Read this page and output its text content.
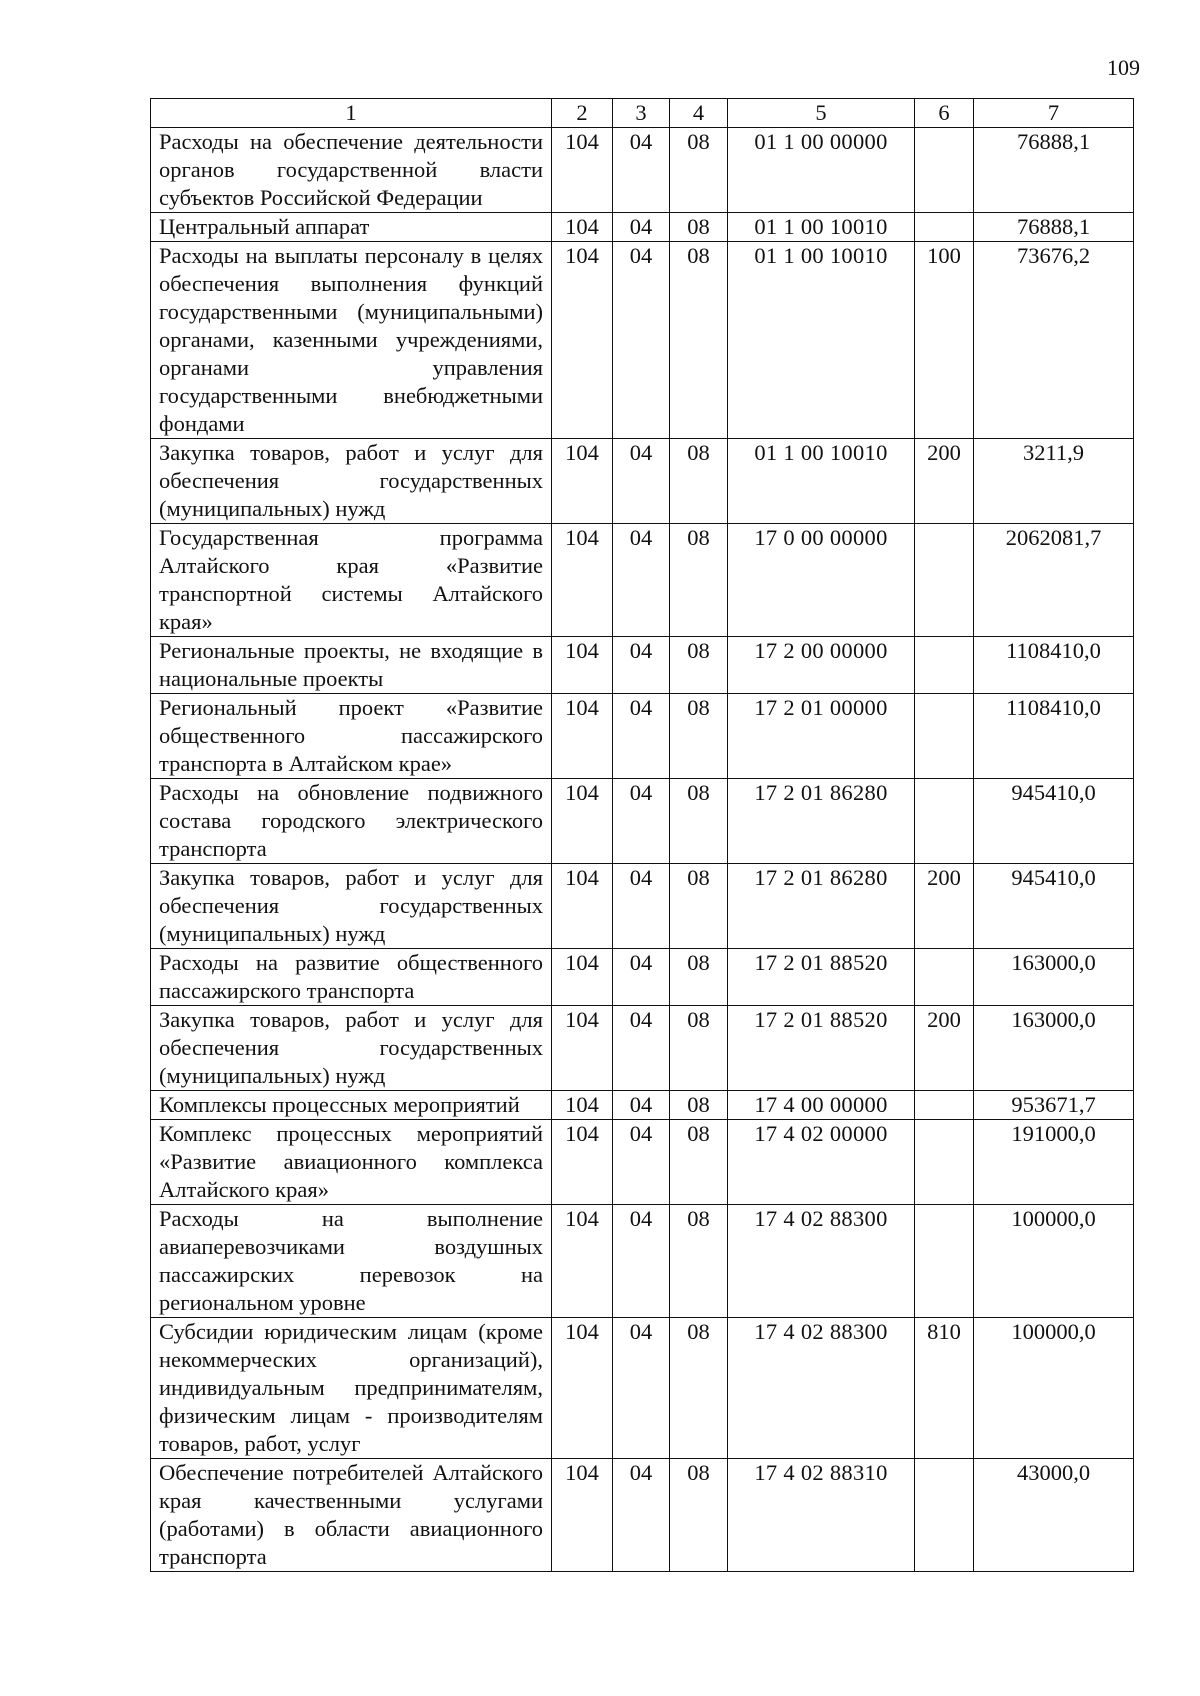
109
1	2	3	4	5	6	7
Расходы на обеспечение деятельности органов государственной власти субъектов Российской Федерации	104	04	08	01 1 00 00000		76888,1
Центральный аппарат	104	04	08	01 1 00 10010		76888,1
Расходы на выплаты персоналу в целях обеспечения выполнения функций государственными (муниципальными) органами, казенными учреждениями, органами управления государственными внебюджетными фондами	104	04	08	01 1 00 10010	100	73676,2
Закупка товаров, работ и услуг для обеспечения государственных (муниципальных) нужд	104	04	08	01 1 00 10010	200	3211,9
Государственная программа Алтайского края «Развитие транспортной системы Алтайского края»	104	04	08	17 0 00 00000		2062081,7
Региональные проекты, не входящие в национальные проекты	104	04	08	17 2 00 00000		1108410,0
Региональный проект «Развитие общественного пассажирского транспорта в Алтайском крае»	104	04	08	17 2 01 00000		1108410,0
Расходы на обновление подвижного состава городского электрического транспорта	104	04	08	17 2 01 86280		945410,0
Закупка товаров, работ и услуг для обеспечения государственных (муниципальных) нужд	104	04	08	17 2 01 86280	200	945410,0
Расходы на развитие общественного пассажирского транспорта	104	04	08	17 2 01 88520		163000,0
Закупка товаров, работ и услуг для обеспечения государственных (муниципальных) нужд	104	04	08	17 2 01 88520	200	163000,0
Комплексы процессных мероприятий	104	04	08	17 4 00 00000		953671,7
Комплекс процессных мероприятий «Развитие авиационного комплекса Алтайского края»	104	04	08	17 4 02 00000		191000,0
Расходы на выполнение авиаперевозчиками воздушных пассажирских перевозок на региональном уровне	104	04	08	17 4 02 88300		100000,0
Субсидии юридическим лицам (кроме некоммерческих организаций), индивидуальным предпринимателям, физическим лицам - производителям товаров, работ, услуг	104	04	08	17 4 02 88300	810	100000,0
Обеспечение потребителей Алтайского края качественными услугами (работами) в области авиационного транспорта	104	04	08	17 4 02 88310		43000,0
